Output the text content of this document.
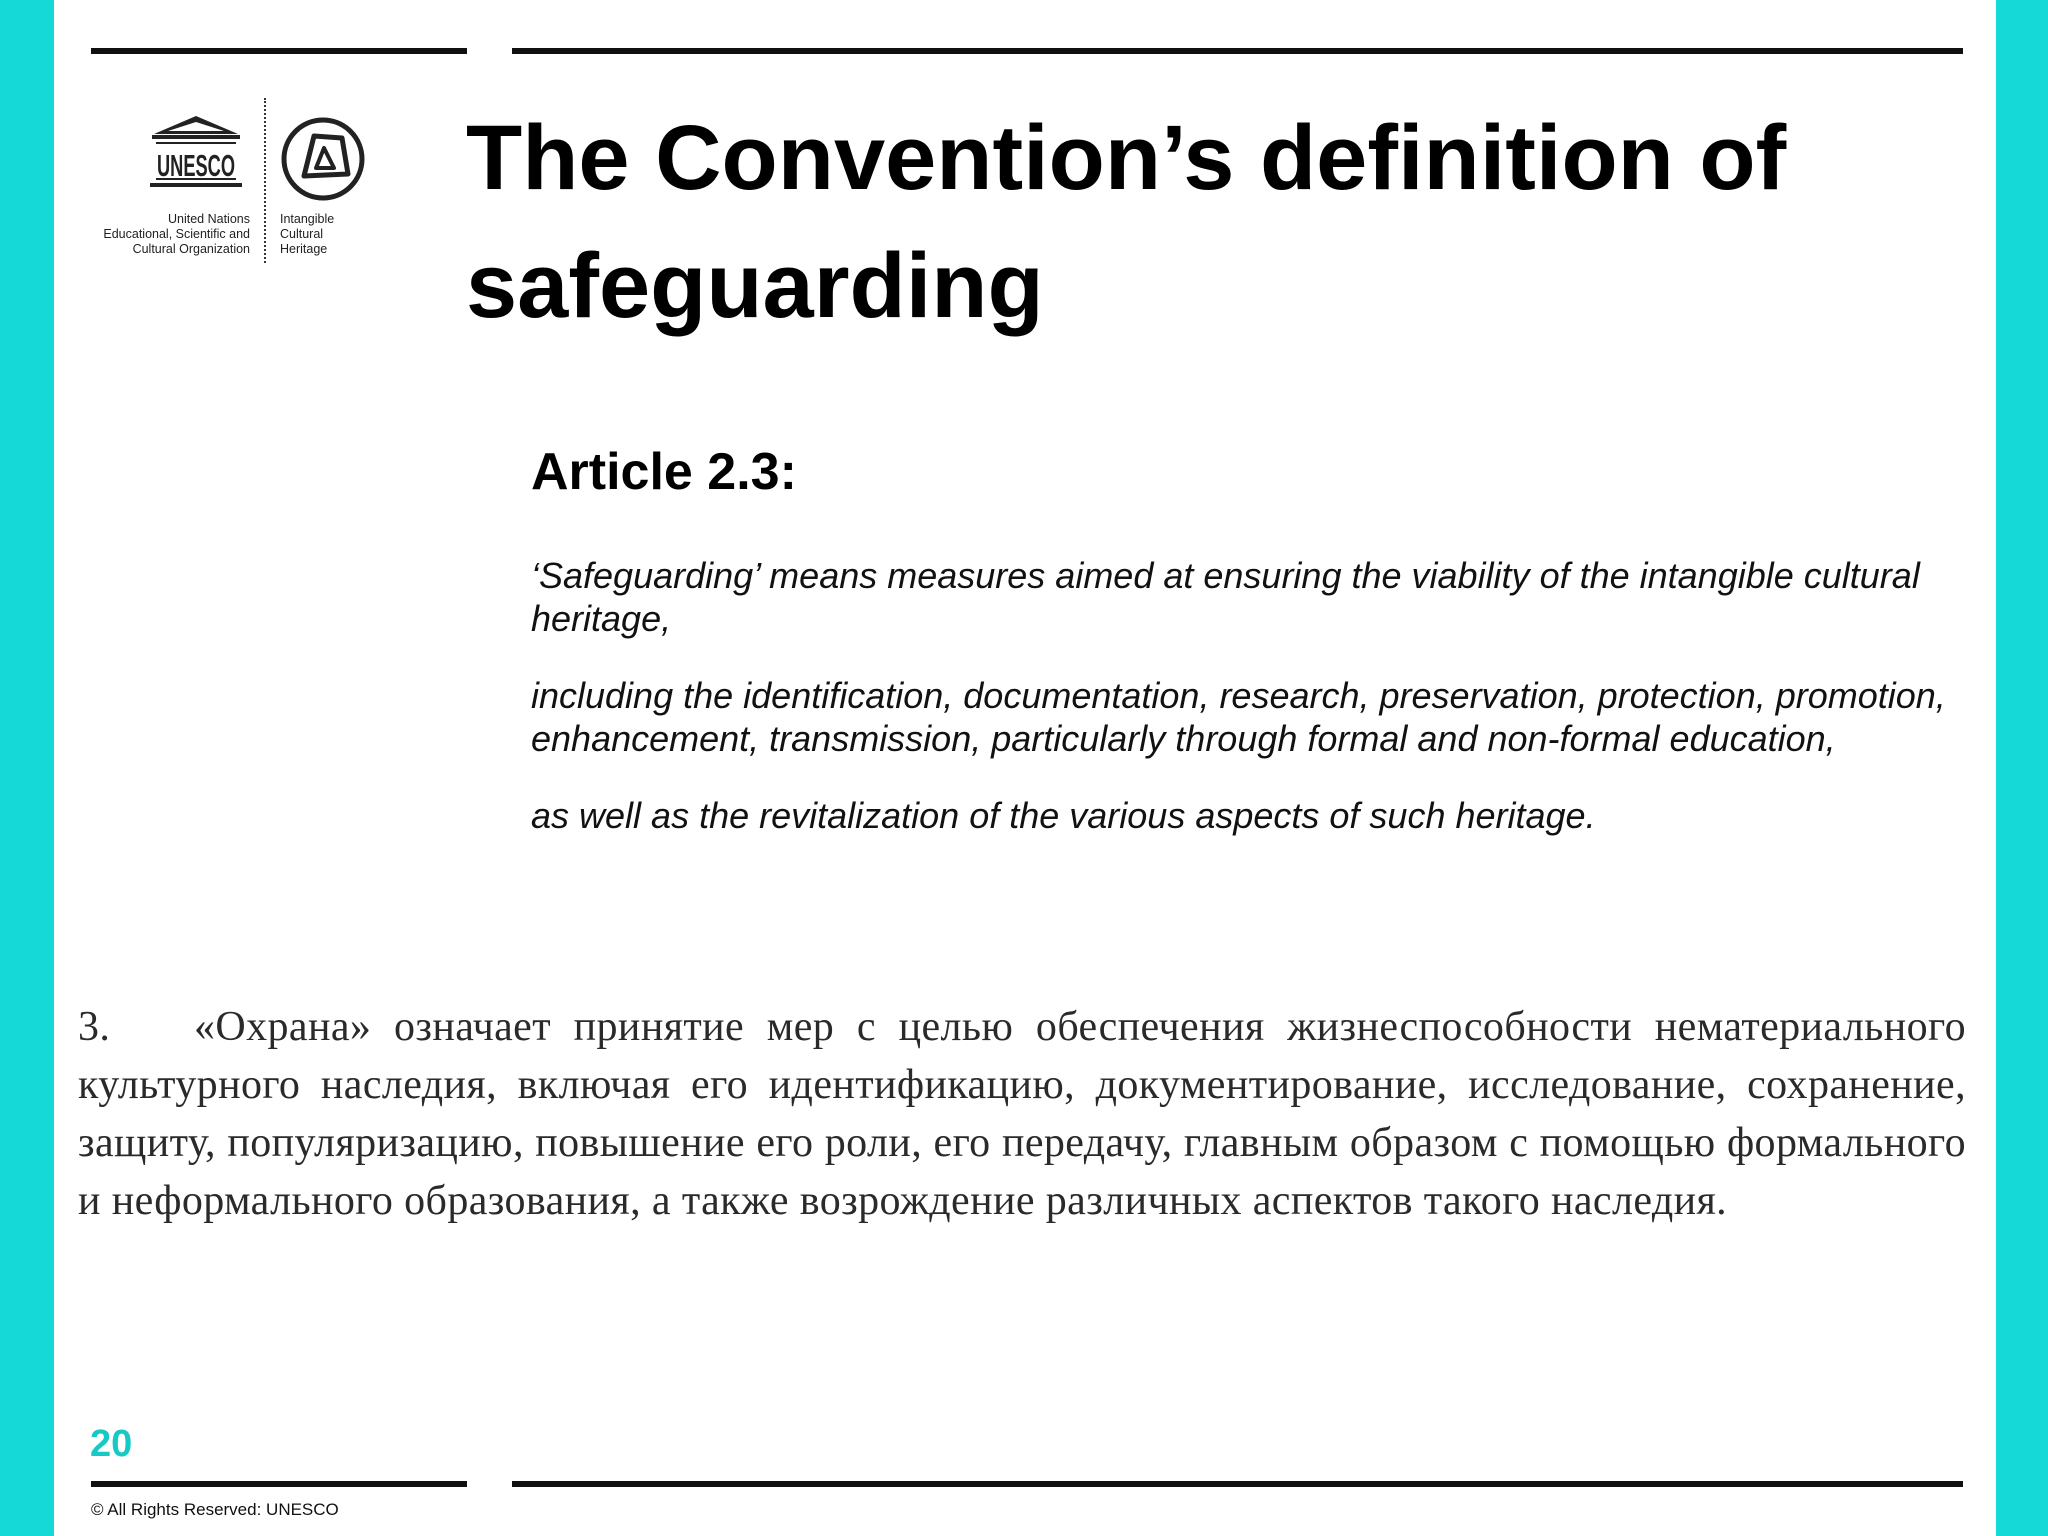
UNESCO
United Nations
Educational, Scientific and
Cultural Organization
Intangible
Cultural
Heritage
The Convention’s definition of safeguarding
Article 2.3:

‘Safeguarding’ means measures aimed at ensuring the viability of the intangible cultural heritage,

including the identification, documentation, research, preservation, protection, promotion, enhancement, transmission, particularly through formal and non-formal education,

as well as the revitalization of the various aspects of such heritage.

3. «Охрана» означает принятие мер с целью обеспечения жизнеспособности нематериального культурного наследия, включая его идентификацию, документирование, исследование, сохранение, защиту, популяризацию, повышение его роли, его передачу, главным образом с помощью формального и неформального образования, а также возрождение различных аспектов такого наследия.

20
© All Rights Reserved: UNESCO
